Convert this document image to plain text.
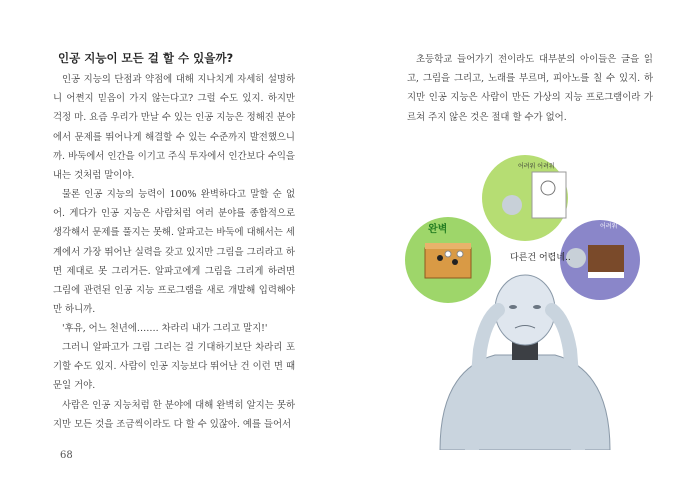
인공 지능이 모든 걸 할 수 있을까?

인공 지능의 단점과 약점에 대해 지나치게 자세히 설명하니 어쩐지 믿음이 가지 않는다고? 그럴 수도 있지. 하지만 걱정 마. 요즘 우리가 만날 수 있는 인공 지능은 정해진 분야에서 문제를 뛰어나게 해결할 수 있는 수준까지 발전했으니까. 바둑에서 인간을 이기고 주식 투자에서 인간보다 수익을 내는 것처럼 말이야.

물론 인공 지능의 능력이 100% 완벽하다고 말할 순 없어. 게다가 인공 지능은 사람처럼 여러 분야를 종합적으로 생각해서 문제를 풀지는 못해. 알파고는 바둑에 대해서는 세계에서 가장 뛰어난 실력을 갖고 있지만 그림을 그리라고 하면 제대로 못 그리거든. 알파고에게 그림을 그리게 하려면 그림에 관련된 인공 지능 프로그램을 새로 개발해 입력해야만 하니까.

'후유, 어느 천년에……. 차라리 내가 그리고 말지!'

그러니 알파고가 그림 그리는 걸 기대하기보단 차라리 포기할 수도 있지. 사람이 인공 지능보다 뛰어난 건 이런 면 때문일 거야.

사람은 인공 지능처럼 한 분야에 대해 완벽히 알지는 못하지만 모든 것을 조금씩이라도 다 할 수 있잖아. 예를 들어서

68

초등학교 들어가기 전이라도 대부분의 아이들은 글을 읽고, 그림을 그리고, 노래를 부르며, 피아노를 칠 수 있지. 하지만 인공 지능은 사람이 만든 가상의 지능 프로그램이라 가르쳐 주지 않은 것은 절대 할 수가 없어.

완벽
어려워 어려워
어려워
다른건 어렵네..
